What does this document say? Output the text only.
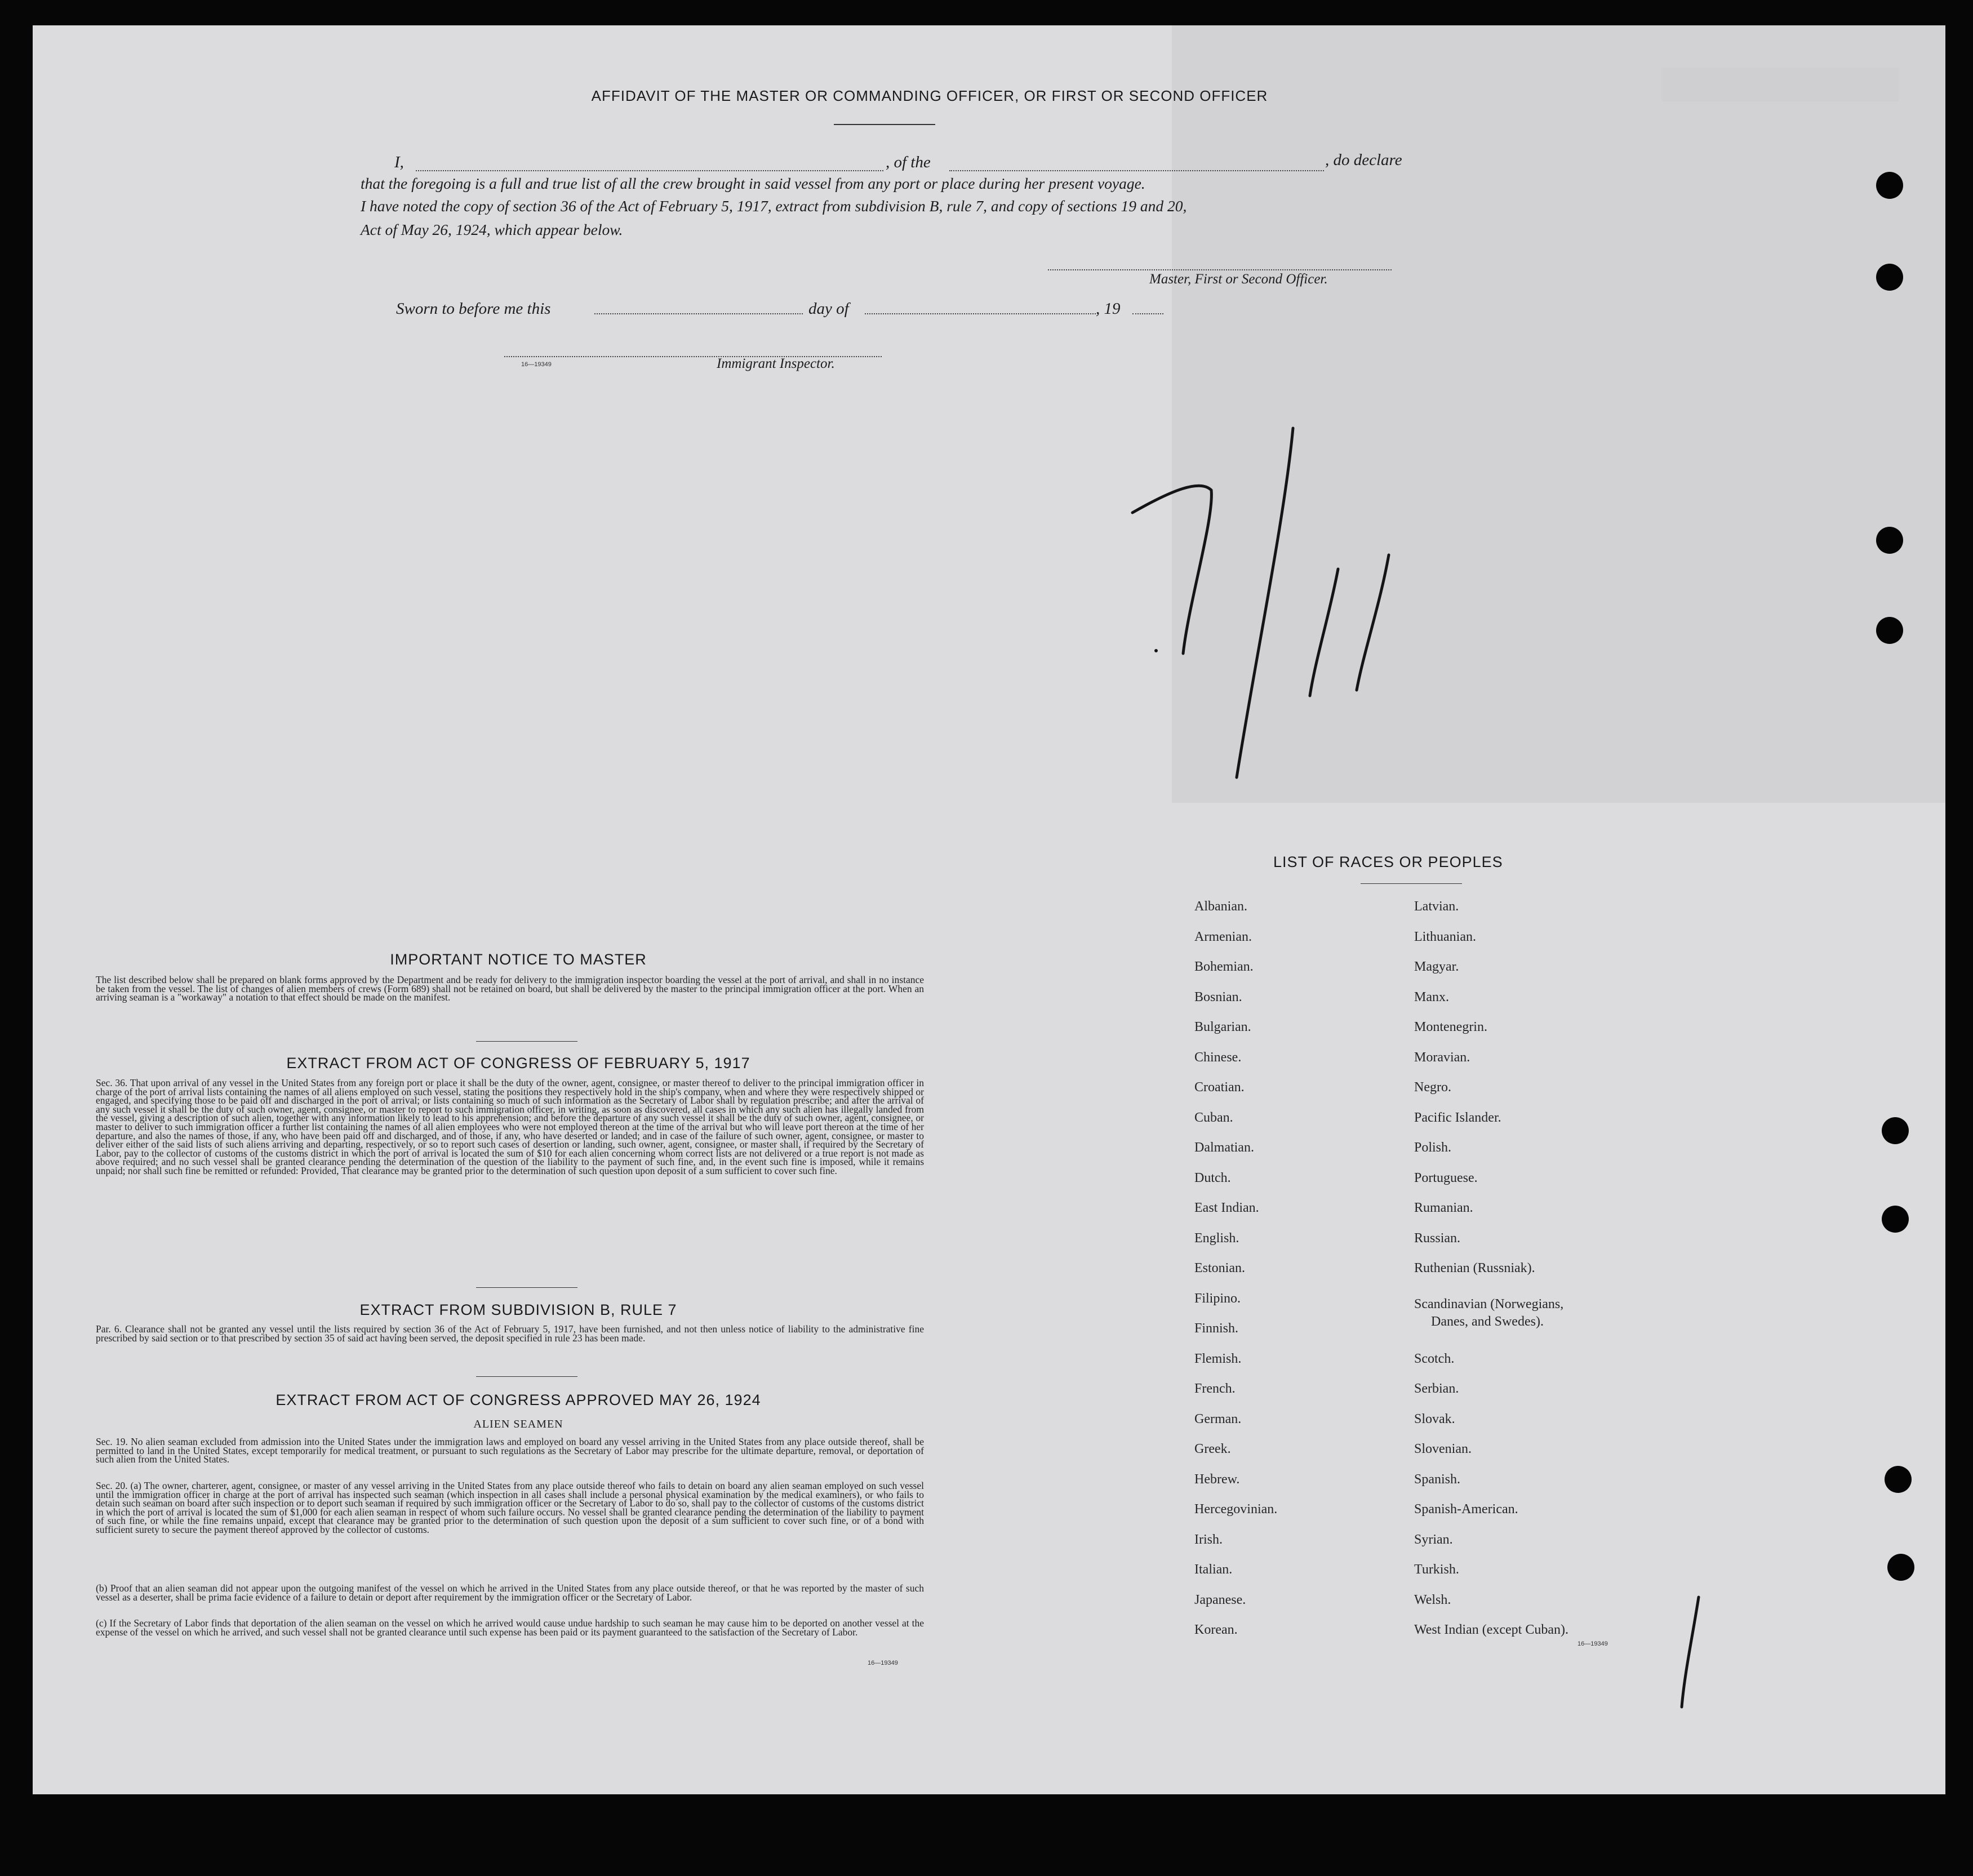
AFFIDAVIT OF THE MASTER OR COMMANDING OFFICER, OR FIRST OR SECOND OFFICER
I,	, of the	, do declare
that the foregoing is a full and true list of all the crew brought in said vessel from any port or place during her present voyage.
I have noted the copy of section 36 of the Act of February 5, 1917, extract from subdivision B, rule 7, and copy of sections 19 and 20,
Act of May 26, 1924, which appear below.
Master, First or Second Officer.
Sworn to before me this	day of	, 19
16—19349	Immigrant Inspector.
IMPORTANT NOTICE TO MASTER
The list described below shall be prepared on blank forms approved by the Department and be ready for delivery to the immigration inspector boarding the vessel at the port of arrival, and shall in no instance be taken from the vessel. The list of changes of alien members of crews (Form 689) shall not be retained on board, but shall be delivered by the master to the principal immigration officer at the port. When an arriving seaman is a "workaway" a notation to that effect should be made on the manifest.
EXTRACT FROM ACT OF CONGRESS OF FEBRUARY 5, 1917
Sec. 36. That upon arrival of any vessel in the United States from any foreign port or place it shall be the duty of the owner, agent, consignee, or master thereof to deliver to the principal immigration officer in charge of the port of arrival lists containing the names of all aliens employed on such vessel, stating the positions they respectively hold in the ship's company, when and where they were respectively shipped or engaged, and specifying those to be paid off and discharged in the port of arrival; or lists containing so much of such information as the Secretary of Labor shall by regulation prescribe; and after the arrival of any such vessel it shall be the duty of such owner, agent, consignee, or master to report to such immigration officer, in writing, as soon as discovered, all cases in which any such alien has illegally landed from the vessel, giving a description of such alien, together with any information likely to lead to his apprehension; and before the departure of any such vessel it shall be the duty of such owner, agent, consignee, or master to deliver to such immigration officer a further list containing the names of all alien employees who were not employed thereon at the time of the arrival but who will leave port thereon at the time of her departure, and also the names of those, if any, who have been paid off and discharged, and of those, if any, who have deserted or landed; and in case of the failure of such owner, agent, consignee, or master to deliver either of the said lists of such aliens arriving and departing, respectively, or so to report such cases of desertion or landing, such owner, agent, consignee, or master shall, if required by the Secretary of Labor, pay to the collector of customs of the customs district in which the port of arrival is located the sum of $10 for each alien concerning whom correct lists are not delivered or a true report is not made as above required; and no such vessel shall be granted clearance pending the determination of the question of the liability to the payment of such fine, and, in the event such fine is imposed, while it remains unpaid; nor shall such fine be remitted or refunded: Provided, That clearance may be granted prior to the determination of such question upon deposit of a sum sufficient to cover such fine.
EXTRACT FROM SUBDIVISION B, RULE 7
Par. 6. Clearance shall not be granted any vessel until the lists required by section 36 of the Act of February 5, 1917, have been furnished, and not then unless notice of liability to the administrative fine prescribed by said section or to that prescribed by section 35 of said act having been served, the deposit specified in rule 23 has been made.
EXTRACT FROM ACT OF CONGRESS APPROVED MAY 26, 1924
ALIEN SEAMEN
Sec. 19. No alien seaman excluded from admission into the United States under the immigration laws and employed on board any vessel arriving in the United States from any place outside thereof, shall be permitted to land in the United States, except temporarily for medical treatment, or pursuant to such regulations as the Secretary of Labor may prescribe for the ultimate departure, removal, or deportation of such alien from the United States.
Sec. 20. (a) The owner, charterer, agent, consignee, or master of any vessel arriving in the United States from any place outside thereof who fails to detain on board any alien seaman employed on such vessel until the immigration officer in charge at the port of arrival has inspected such seaman (which inspection in all cases shall include a personal physical examination by the medical examiners), or who fails to detain such seaman on board after such inspection or to deport such seaman if required by such immigration officer or the Secretary of Labor to do so, shall pay to the collector of customs of the customs district in which the port of arrival is located the sum of $1,000 for each alien seaman in respect of whom such failure occurs. No vessel shall be granted clearance pending the determination of the liability to payment of such fine, or while the fine remains unpaid, except that clearance may be granted prior to the determination of such question upon the deposit of a sum sufficient to cover such fine, or of a bond with sufficient surety to secure the payment thereof approved by the collector of customs.
(b) Proof that an alien seaman did not appear upon the outgoing manifest of the vessel on which he arrived in the United States from any place outside thereof, or that he was reported by the master of such vessel as a deserter, shall be prima facie evidence of a failure to detain or deport after requirement by the immigration officer or the Secretary of Labor.
(c) If the Secretary of Labor finds that deportation of the alien seaman on the vessel on which he arrived would cause undue hardship to such seaman he may cause him to be deported on another vessel at the expense of the vessel on which he arrived, and such vessel shall not be granted clearance until such expense has been paid or its payment guaranteed to the satisfaction of the Secretary of Labor.
16—19349
LIST OF RACES OR PEOPLES
Albanian.
Armenian.
Bohemian.
Bosnian.
Bulgarian.
Chinese.
Croatian.
Cuban.
Dalmatian.
Dutch.
East Indian.
English.
Estonian.
Filipino.
Finnish.
Flemish.
French.
German.
Greek.
Hebrew.
Hercegovinian.
Irish.
Italian.
Japanese.
Korean.
Latvian.
Lithuanian.
Magyar.
Manx.
Montenegrin.
Moravian.
Negro.
Pacific Islander.
Polish.
Portuguese.
Rumanian.
Russian.
Ruthenian (Russniak).
Scandinavian (Norwegians,
Danes, and Swedes).
Scotch.
Serbian.
Slovak.
Slovenian.
Spanish.
Spanish-American.
Syrian.
Turkish.
Welsh.
West Indian (except Cuban).
16—19349
